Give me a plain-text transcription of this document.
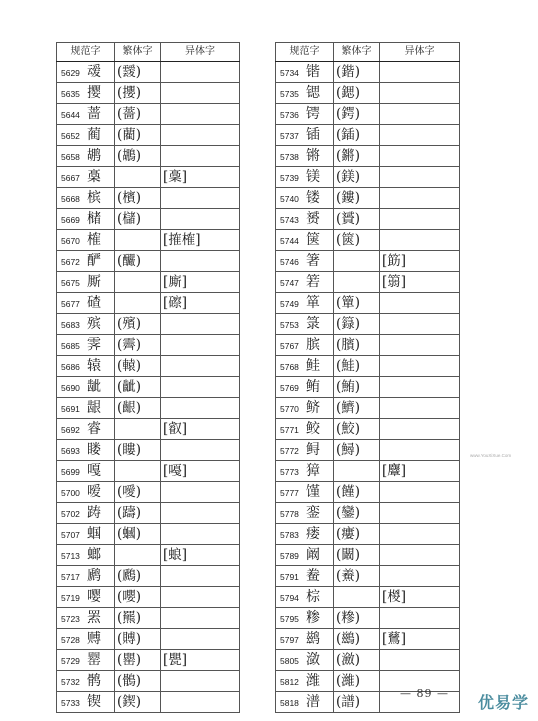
规范字	繁体字	异体字
5629 叆	(靉)	
5635 撄	(攖)	
5644 蔷	(薔)	
5652 蔺	(藺)	
5658 鹕	(鶘)	
5667 槀		[稾]
5668 槟	(檳)	
5669 槠	(櫧)	
5670 榷		[搉榷]
5672 酽	(釅)	
5675 厮		[廝]
5677 碴		[䃰]
5683 殡	(殯)	
5685 霁	(霽)	
5686 辕	(轅)	
5690 龇	(齜)	
5691 龈	(齦)	
5692 睿		[叡]
5693 䁖	(瞜)	
5699 嘎		[嘠]
5700 嗳	(噯)	
5702 踌	(躊)	
5707 蝈	(蟈)	
5713 螂		[蜋]
5717 䴘	(鷉)	
5719 嘤	(嚶)	
5723 罴	(羆)	
5728 赙	(賻)	
5729 罂	(罌)	[甖]
5732 鹘	(鶻)	
5733 锲	(鍥)	
规范字	繁体字	异体字
5734 锴	(鍇)	
5735 锶	(鍶)	
5736 锷	(鍔)	
5737 锸	(鍤)	
5738 锵	(鏘)	
5739 镁	(鎂)	
5740 镂	(鏤)	
5743 赟	(贇)	
5744 箧	(篋)	
5746 箸		[筯]
5747 箬		[篛]
5749 箪	(簞)	
5753 箓	(籙)	
5767 膑	(臏)	
5768 鲑	(鮭)	
5769 鲔	(鮪)	
5770 鲚	(鱭)	
5771 鲛	(鮫)	
5772 鲟	(鱘)	
5773 獐		[麞]
5777 馑	(饉)	
5778 銮	(鑾)	
5783 瘘	(瘻)	
5789 阚	(闞)	
5791 鲞	(鯗)	
5794 棕		[椶]
5795 糁	(糝)	
5797 鹚	(鷀)	[鶿]
5805 潋	(瀲)	
5812 潍	(濰)	
5818 潽	(譜)	
— 89 —
www.YouXiXue.Com
优易学
